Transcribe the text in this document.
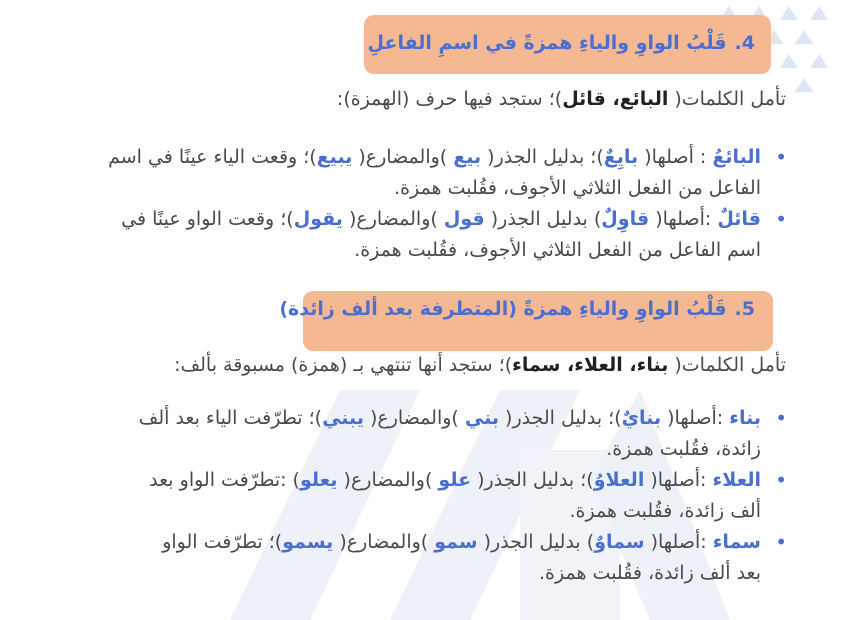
4.قَلْبُ الواوِ والياءِ همزةً في اسمِ الفاعلِ
تأمل الكلمات( البائع، قائل)؛ ستجد فيها حرف (الهمزة):
•
البائعُ : أصلها( بايِعٌ)؛ بدليل الجذر( بيع )والمضارع( يبيع)؛ وقعت الياء عينًا في اسم
الفاعل من الفعل الثلاثي الأجوف، فقُلبت همزة.
•
قائلٌ :أصلها( قاوِلٌ) بدليل الجذر( قول )والمضارع( يقول)؛ وقعت الواو عينًا في
اسم الفاعل من الفعل الثلاثي الأجوف، فقُلبت همزة.
5.قَلْبُ الواوِ والياءِ همزةً (المتطرفة بعد ألف زائدة)
تأمل الكلمات( بناء، العلاء، سماء)؛ ستجد أنها تنتهي بـ (همزة) مسبوقة بألف:
•
بناء :أصلها( بنايٌ)؛ بدليل الجذر( بني )والمضارع( يبني)؛ تطرّفت الياء بعد ألف
زائدة، فقُلبت همزة.
•
العلاء :أصلها( العلاوُ)؛ بدليل الجذر( علو )والمضارع( يعلو) :تطرّفت الواو بعد
ألف زائدة، فقُلبت همزة.
•
سماء :أصلها( سماوٌ) بدليل الجذر( سمو )والمضارع( يسمو)؛ تطرّفت الواو
بعد ألف زائدة، فقُلبت همزة.
